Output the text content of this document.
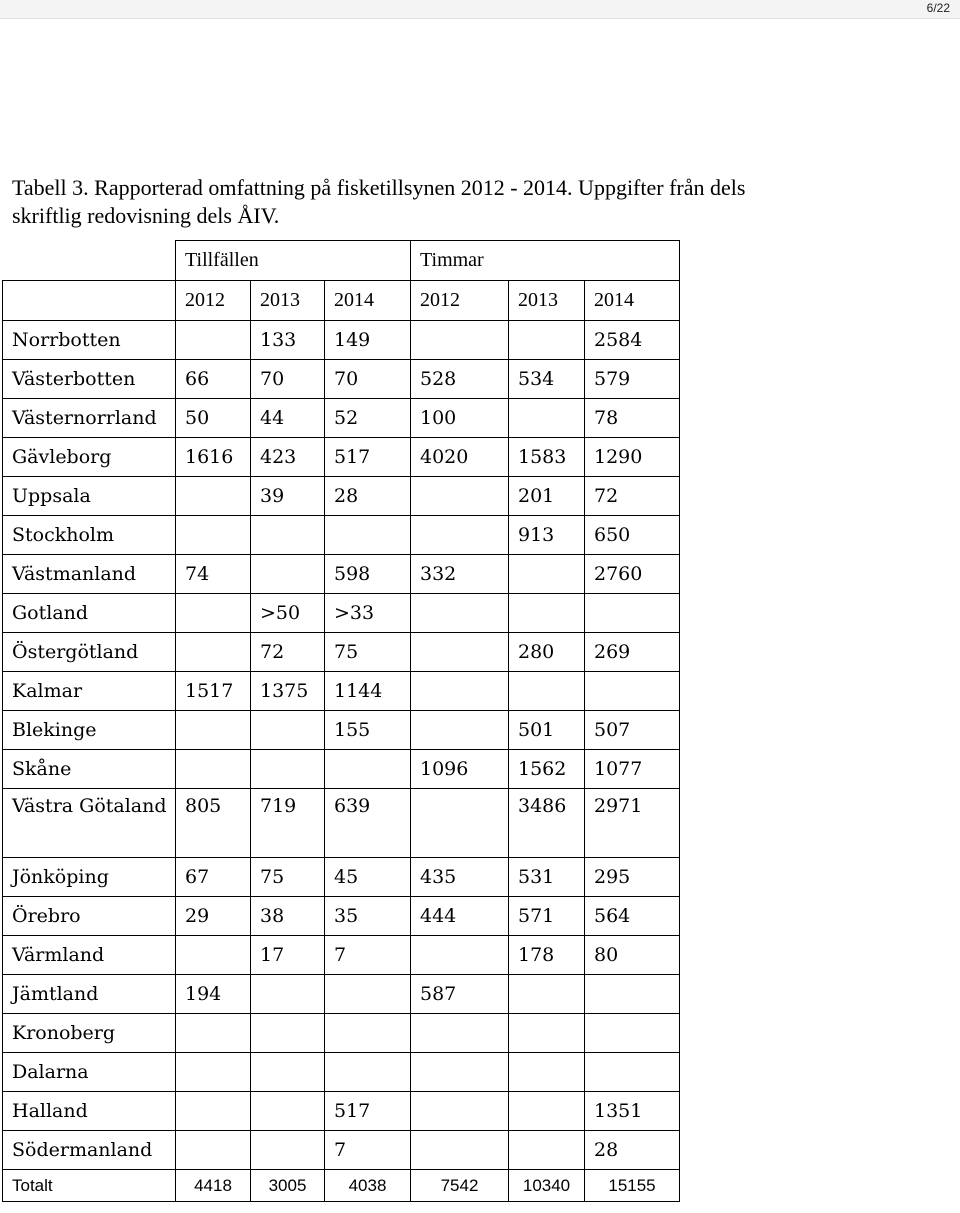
6/22
Tabell 3. Rapporterad omfattning på fisketillsynen 2012 - 2014. Uppgifter från dels skriftlig redovisning dels ÅIV.
	Tillfällen			Timmar		
	2012	2013	2014	2012	2013	2014
Norrbotten		133	149			2584
Västerbotten	66	70	70	528	534	579
Västernorrland	50	44	52	100		78
Gävleborg	1616	423	517	4020	1583	1290
Uppsala		39	28		201	72
Stockholm					913	650
Västmanland	74		598	332		2760
Gotland		>50	>33			
Östergötland		72	75		280	269
Kalmar	1517	1375	1144			
Blekinge			155		501	507
Skåne				1096	1562	1077
Västra Götaland	805	719	639		3486	2971
Jönköping	67	75	45	435	531	295
Örebro	29	38	35	444	571	564
Värmland		17	7		178	80
Jämtland	194			587		
Kronoberg						
Dalarna						
Halland			517			1351
Södermanland			7			28
Totalt	4418	3005	4038	7542	10340	15155
